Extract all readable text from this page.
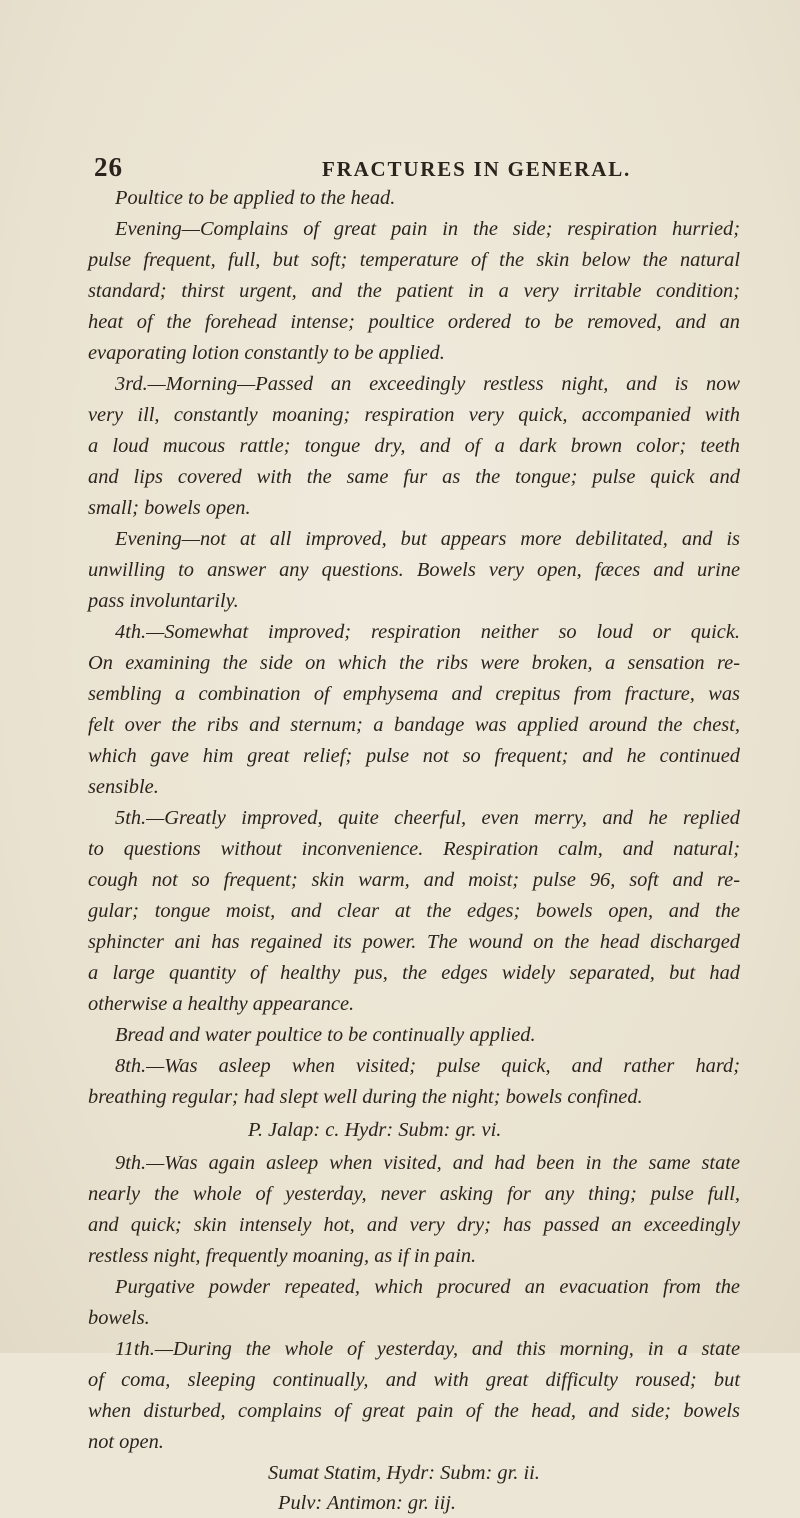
26	FRACTURES IN GENERAL.
Poultice to be applied to the head.
Evening—Complains of great pain in the side; respiration hurried;
pulse frequent, full, but soft; temperature of the skin below the natural
standard; thirst urgent, and the patient in a very irritable condition;
heat of the forehead intense; poultice ordered to be removed, and an
evaporating lotion constantly to be applied.
3rd.—Morning—Passed an exceedingly restless night, and is now
very ill, constantly moaning; respiration very quick, accompanied with
a loud mucous rattle; tongue dry, and of a dark brown color; teeth
and lips covered with the same fur as the tongue; pulse quick and
small; bowels open.
Evening—not at all improved, but appears more debilitated, and is
unwilling to answer any questions. Bowels very open, fæces and urine
pass involuntarily.
4th.—Somewhat improved; respiration neither so loud or quick.
On examining the side on which the ribs were broken, a sensation re-
sembling a combination of emphysema and crepitus from fracture, was
felt over the ribs and sternum; a bandage was applied around the chest,
which gave him great relief; pulse not so frequent; and he continued
sensible.
5th.—Greatly improved, quite cheerful, even merry, and he replied
to questions without inconvenience. Respiration calm, and natural;
cough not so frequent; skin warm, and moist; pulse 96, soft and re-
gular; tongue moist, and clear at the edges; bowels open, and the
sphincter ani has regained its power. The wound on the head discharged
a large quantity of healthy pus, the edges widely separated, but had
otherwise a healthy appearance.
Bread and water poultice to be continually applied.
8th.—Was asleep when visited; pulse quick, and rather hard;
breathing regular; had slept well during the night; bowels confined.
P. Jalap: c. Hydr: Subm: gr. vi.
9th.—Was again asleep when visited, and had been in the same state
nearly the whole of yesterday, never asking for any thing; pulse full,
and quick; skin intensely hot, and very dry; has passed an exceedingly
restless night, frequently moaning, as if in pain.
Purgative powder repeated, which procured an evacuation from the
bowels.
11th.—During the whole of yesterday, and this morning, in a state
of coma, sleeping continually, and with great difficulty roused; but
when disturbed, complains of great pain of the head, and side; bowels
not open.
Sumat Statim, Hydr: Subm: gr. ii.
Pulv: Antimon: gr. iij.
